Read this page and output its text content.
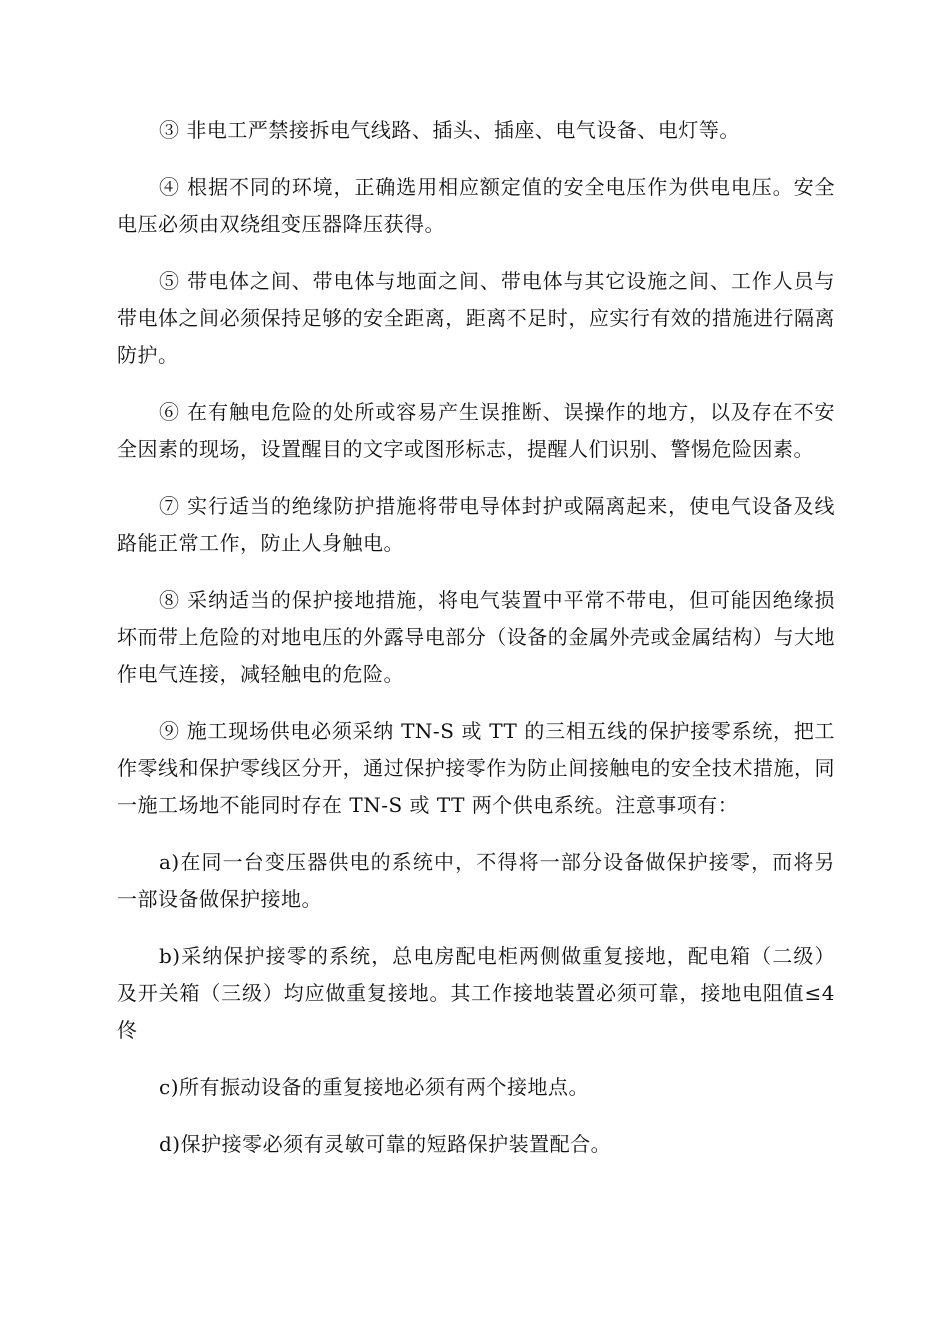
③ 非电工严禁接拆电气线路、插头、插座、电气设备、电灯等。

④ 根据不同的环境，正确选用相应额定值的安全电压作为供电电压。安全电压必须由双绕组变压器降压获得。

⑤ 带电体之间、带电体与地面之间、带电体与其它设施之间、工作人员与带电体之间必须保持足够的安全距离，距离不足时，应实行有效的措施进行隔离防护。

⑥ 在有触电危险的处所或容易产生误推断、误操作的地方，以及存在不安全因素的现场，设置醒目的文字或图形标志，提醒人们识别、警惕危险因素。

⑦ 实行适当的绝缘防护措施将带电导体封护或隔离起来，使电气设备及线路能正常工作，防止人身触电。

⑧ 采纳适当的保护接地措施，将电气装置中平常不带电，但可能因绝缘损坏而带上危险的对地电压的外露导电部分（设备的金属外壳或金属结构）与大地作电气连接，减轻触电的危险。

⑨ 施工现场供电必须采纳 TN-S 或 TT 的三相五线的保护接零系统，把工作零线和保护零线区分开，通过保护接零作为防止间接触电的安全技术措施，同一施工场地不能同时存在 TN-S 或 TT 两个供电系统。注意事项有：

a)在同一台变压器供电的系统中，不得将一部分设备做保护接零，而将另一部设备做保护接地。

b)采纳保护接零的系统，总电房配电柜两侧做重复接地，配电箱（二级）及开关箱（三级）均应做重复接地。其工作接地装置必须可靠，接地电阻值≤4 佟

c)所有振动设备的重复接地必须有两个接地点。

d)保护接零必须有灵敏可靠的短路保护装置配合。
